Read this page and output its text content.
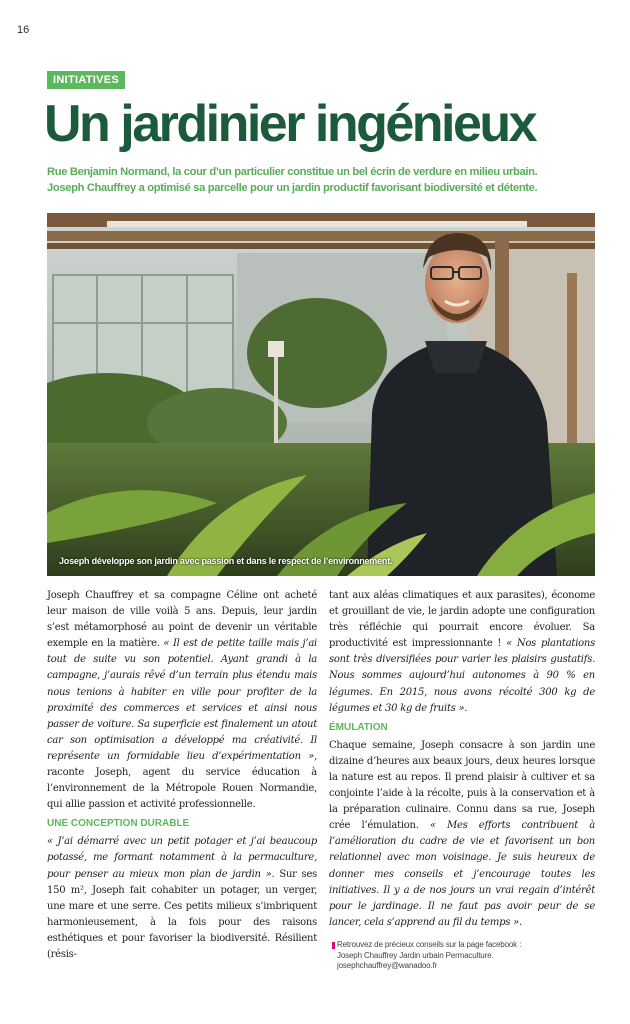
16
INITIATIVES
Un jardinier ingénieux
Rue Benjamin Normand, la cour d’un particulier constitue un bel écrin de verdure en milieu urbain.
Joseph Chauffrey a optimisé sa parcelle pour un jardin productif favorisant biodiversité et détente.
Joseph développe son jardin avec passion et dans le respect de l’environnement.

Joseph Chauffrey et sa compagne Céline ont acheté leur maison de ville voilà 5 ans. Depuis, leur jardin s’est métamorphosé au point de devenir un véritable exemple en la matière. « Il est de petite taille mais j’ai tout de suite vu son potentiel. Ayant grandi à la campagne, j’aurais rêvé d’un terrain plus étendu mais nous tenions à habiter en ville pour profiter de la proximité des commerces et services et ainsi nous passer de voiture. Sa superficie est finalement un atout car son optimisation a développé ma créativité. Il représente un formidable lieu d’expérimentation », raconte Joseph, agent du service éducation à l’environnement de la Métropole Rouen Normandie, qui allie passion et activité professionnelle.

UNE CONCEPTION DURABLE

« J’ai démarré avec un petit potager et j’ai beaucoup potassé, me formant notamment à la permaculture, pour penser au mieux mon plan de jardin ». Sur ses 150 m², Joseph fait cohabiter un potager, un verger, une mare et une serre. Ces petits milieux s’imbriquent harmonieusement, à la fois pour des raisons esthétiques et pour favoriser la biodiversité. Résilient (résis-

tant aux aléas climatiques et aux parasites), économe et grouillant de vie, le jardin adopte une configuration très réfléchie qui pourrait encore évoluer. Sa productivité est impressionnante ! « Nos plantations sont très diversifiées pour varier les plaisirs gustatifs. Nous sommes aujourd’hui autonomes à 90 % en légumes. En 2015, nous avons récolté 300 kg de légumes et 30 kg de fruits ».

ÉMULATION

Chaque semaine, Joseph consacre à son jardin une dizaine d’heures aux beaux jours, deux heures lorsque la nature est au repos. Il prend plaisir à cultiver et sa conjointe l’aide à la récolte, puis à la conservation et à la préparation culinaire. Connu dans sa rue, Joseph crée l’émulation. « Mes efforts contribuent à l’amélioration du cadre de vie et favorisent un bon relationnel avec mon voisinage. Je suis heureux de donner mes conseils et j’encourage toutes les initiatives. Il y a de nos jours un vrai regain d’intérêt pour le jardinage. Il ne faut pas avoir peur de se lancer, cela s’apprend au fil du temps ».

Retrouvez de précieux conseils sur la page facebook :
Joseph Chauffrey Jardin urbain Permaculture.
josephchauffrey@wanadoo.fr
